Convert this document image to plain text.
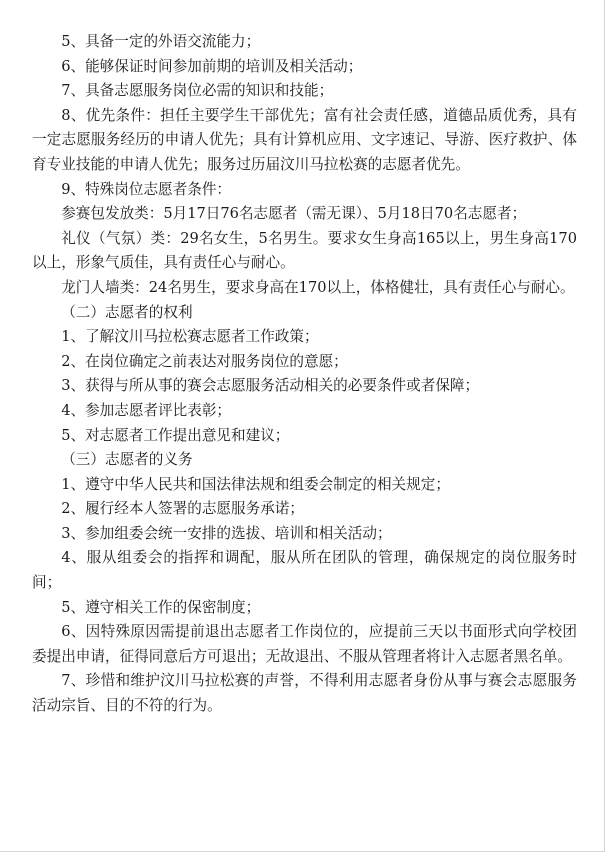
5、具备一定的外语交流能力；

6、能够保证时间参加前期的培训及相关活动；

7、具备志愿服务岗位必需的知识和技能；

8、优先条件：担任主要学生干部优先；富有社会责任感，道德品质优秀，具有一定志愿服务经历的申请人优先；具有计算机应用、文字速记、导游、医疗救护、体育专业技能的申请人优先；服务过历届汶川马拉松赛的志愿者优先。

9、特殊岗位志愿者条件：

参赛包发放类：5月17日76名志愿者（需无课）、5月18日70名志愿者；

礼仪（气氛）类：29名女生，5名男生。要求女生身高165以上，男生身高170以上，形象气质佳，具有责任心与耐心。

龙门人墙类：24名男生，要求身高在170以上，体格健壮，具有责任心与耐心。

（二）志愿者的权利

1、了解汶川马拉松赛志愿者工作政策；

2、在岗位确定之前表达对服务岗位的意愿；

3、获得与所从事的赛会志愿服务活动相关的必要条件或者保障；

4、参加志愿者评比表彰；

5、对志愿者工作提出意见和建议；

（三）志愿者的义务

1、遵守中华人民共和国法律法规和组委会制定的相关规定；

2、履行经本人签署的志愿服务承诺；

3、参加组委会统一安排的选拔、培训和相关活动；

4、服从组委会的指挥和调配，服从所在团队的管理，确保规定的岗位服务时间；

5、遵守相关工作的保密制度；

6、因特殊原因需提前退出志愿者工作岗位的，应提前三天以书面形式向学校团委提出申请，征得同意后方可退出；无故退出、不服从管理者将计入志愿者黑名单。

7、珍惜和维护汶川马拉松赛的声誉，不得利用志愿者身份从事与赛会志愿服务活动宗旨、目的不符的行为。
